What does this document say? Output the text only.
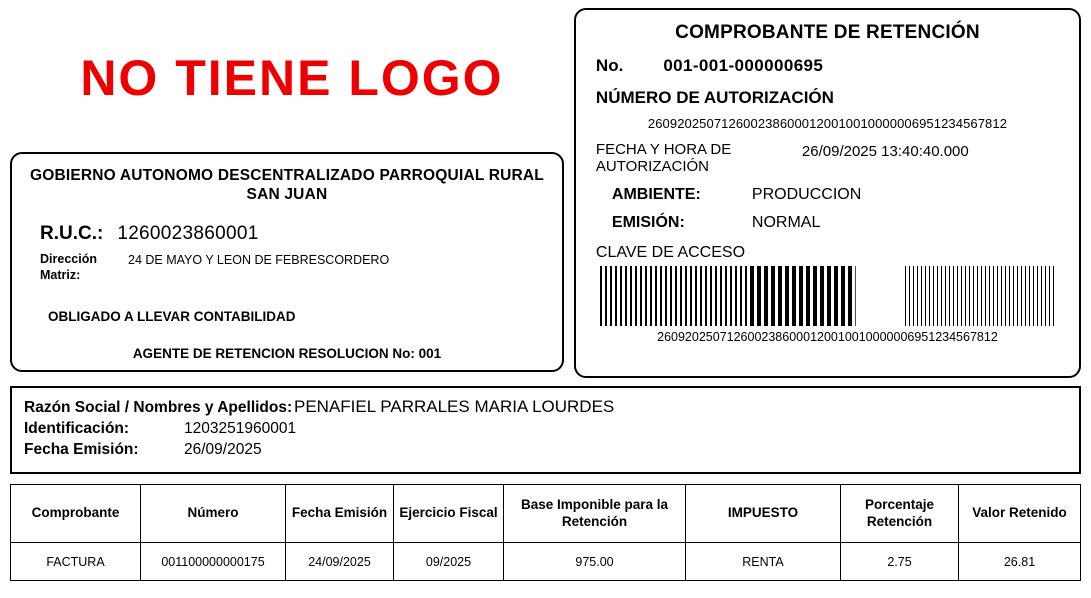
NO TIENE LOGO
GOBIERNO AUTONOMO DESCENTRALIZADO PARROQUIAL RURAL SAN JUAN
R.U.C.: 1260023860001
Dirección Matriz:
24 DE MAYO Y LEON DE FEBRESCORDERO
OBLIGADO A LLEVAR CONTABILIDAD
AGENTE DE RETENCION RESOLUCION No: 001
COMPROBANTE DE RETENCIÓN
No. 001-001-000000695
NÚMERO DE AUTORIZACIÓN
2609202507126002386000120010010000006951234567812
FECHA Y HORA DE AUTORIZACIÓN
26/09/2025 13:40:40.000
AMBIENTE:	PRODUCCION
EMISIÓN:	NORMAL
CLAVE DE ACCESO
2609202507126002386000120010010000006951234567812
Razón Social / Nombres y Apellidos: PENAFIEL PARRALES MARIA LOURDES
Identificación:	1203251960001
Fecha Emisión:	26/09/2025
Comprobante	Número	Fecha Emisión	Ejercicio Fiscal	Base Imponible para la Retención	IMPUESTO	Porcentaje Retención	Valor Retenido
FACTURA	001100000000175	24/09/2025	09/2025	975.00	RENTA	2.75	26.81
